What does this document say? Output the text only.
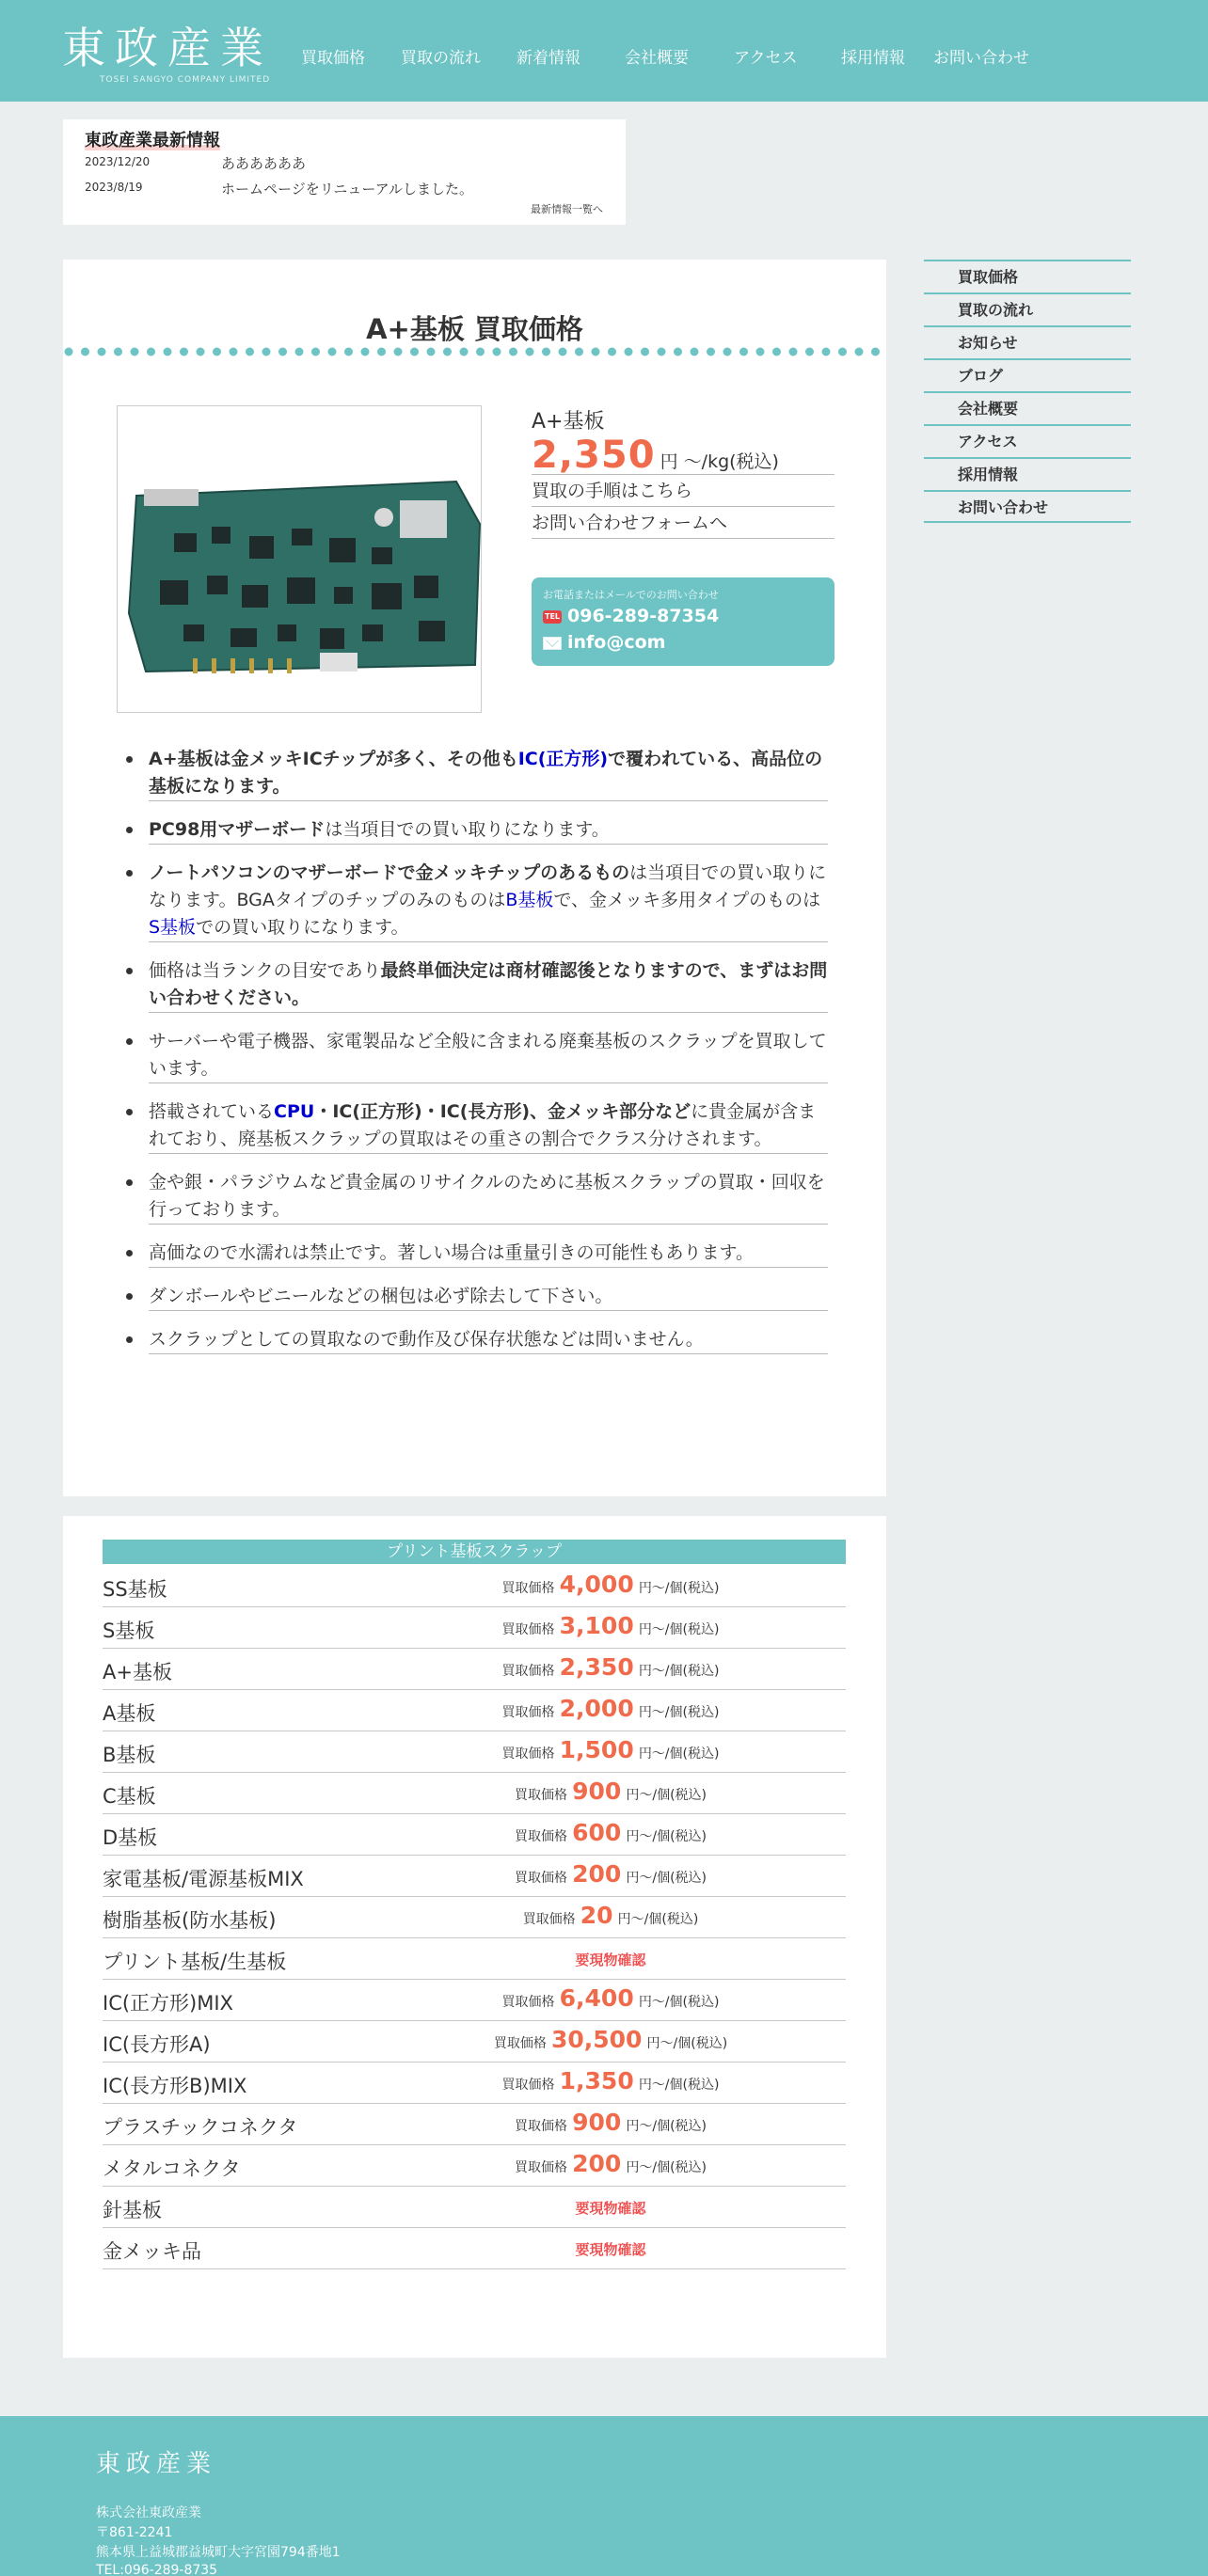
東政産業
TOSEI SANGYO COMPANY LIMITED
買取価格 買取の流れ 新着情報	会社概要	アクセス	採用情報 お問い合わせ
東政産業最新情報
2023/12/20	ああああああ
2023/8/19	ホームページをリニューアルしました。
最新情報一覧へ
A+基板 買取価格
A+基板
2,350 円 〜/kg(税込)
買取の手順はこちら
お問い合わせフォームへ
お電話またはメールでのお問い合わせ
TEL096-289-87354
info@com
A+基板は金メッキICチップが多く、その他もIC(正方形)で覆われている、高品位の基板になります。
PC98用マザーボードは当項目での買い取りになります。
ノートパソコンのマザーボードで金メッキチップのあるものは当項目での買い取りになります。BGAタイプのチップのみのものはB基板で、金メッキ多用タイプのものはS基板での買い取りになります。
価格は当ランクの目安であり最終単価決定は商材確認後となりますので、まずはお問い合わせください。
サーバーや電子機器、家電製品など全般に含まれる廃棄基板のスクラップを買取しています。
搭載されているCPU・IC(正方形)・IC(長方形)、金メッキ部分などに貴金属が含まれており、廃基板スクラップの買取はその重さの割合でクラス分けされます。
金や銀・パラジウムなど貴金属のリサイクルのために基板スクラップの買取・回収を行っております。
高価なので水濡れは禁止です。著しい場合は重量引きの可能性もあります。
ダンボールやビニールなどの梱包は必ず除去して下さい。
スクラップとしての買取なので動作及び保存状態などは問いません。
買取価格
買取の流れ
お知らせ
ブログ
会社概要
アクセス
採用情報
お問い合わせ
プリント基板スクラップ
SS基板	買取価格 4,000 円〜/個(税込)
S基板	買取価格 3,100 円〜/個(税込)
A+基板	買取価格 2,350 円〜/個(税込)
A基板	買取価格 2,000 円〜/個(税込)
B基板	買取価格 1,500 円〜/個(税込)
C基板	買取価格 900 円〜/個(税込)
D基板	買取価格 600 円〜/個(税込)
家電基板/電源基板MIX	買取価格 200 円〜/個(税込)
樹脂基板(防水基板)	買取価格 20 円〜/個(税込)
プリント基板/生基板	要現物確認
IC(正方形)MIX	買取価格 6,400 円〜/個(税込)
IC(長方形A)	買取価格 30,500 円〜/個(税込)
IC(長方形B)MIX	買取価格 1,350 円〜/個(税込)
プラスチックコネクタ	買取価格 900 円〜/個(税込)
メタルコネクタ	買取価格 200 円〜/個(税込)
針基板	要現物確認
金メッキ品	要現物確認
東政産業
株式会社東政産業
〒861-2241
熊本県上益城郡益城町大字宮園794番地1
TEL:096-289-8735
